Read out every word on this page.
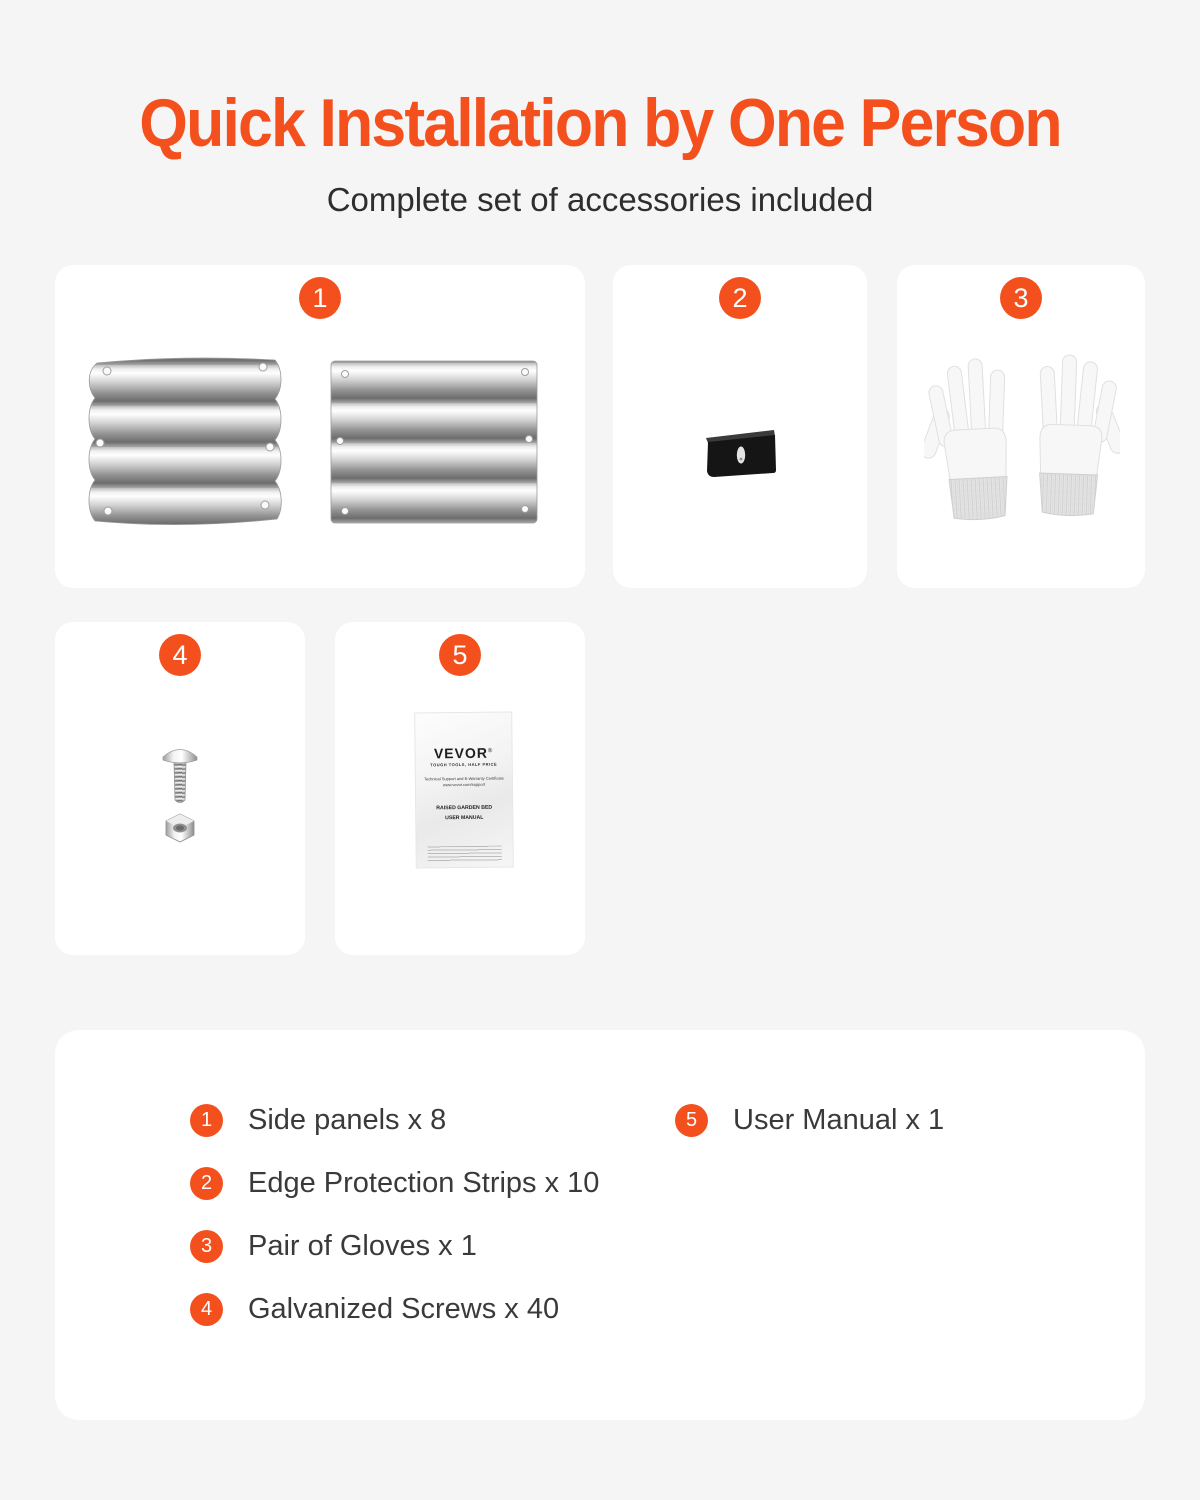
Quick Installation by One Person
Complete set of accessories included
1	2	3
4	5
VEVOR®
TOUGH TOOLS, HALF PRICE
Technical Support and E-Warranty Certificate
www.vevor.com/support
RAISED GARDEN BED
USER MANUAL
1	Side panels x 8
2	Edge Protection Strips x 10
3	Pair of Gloves x 1
4	Galvanized Screws x 40
5	User Manual x 1
